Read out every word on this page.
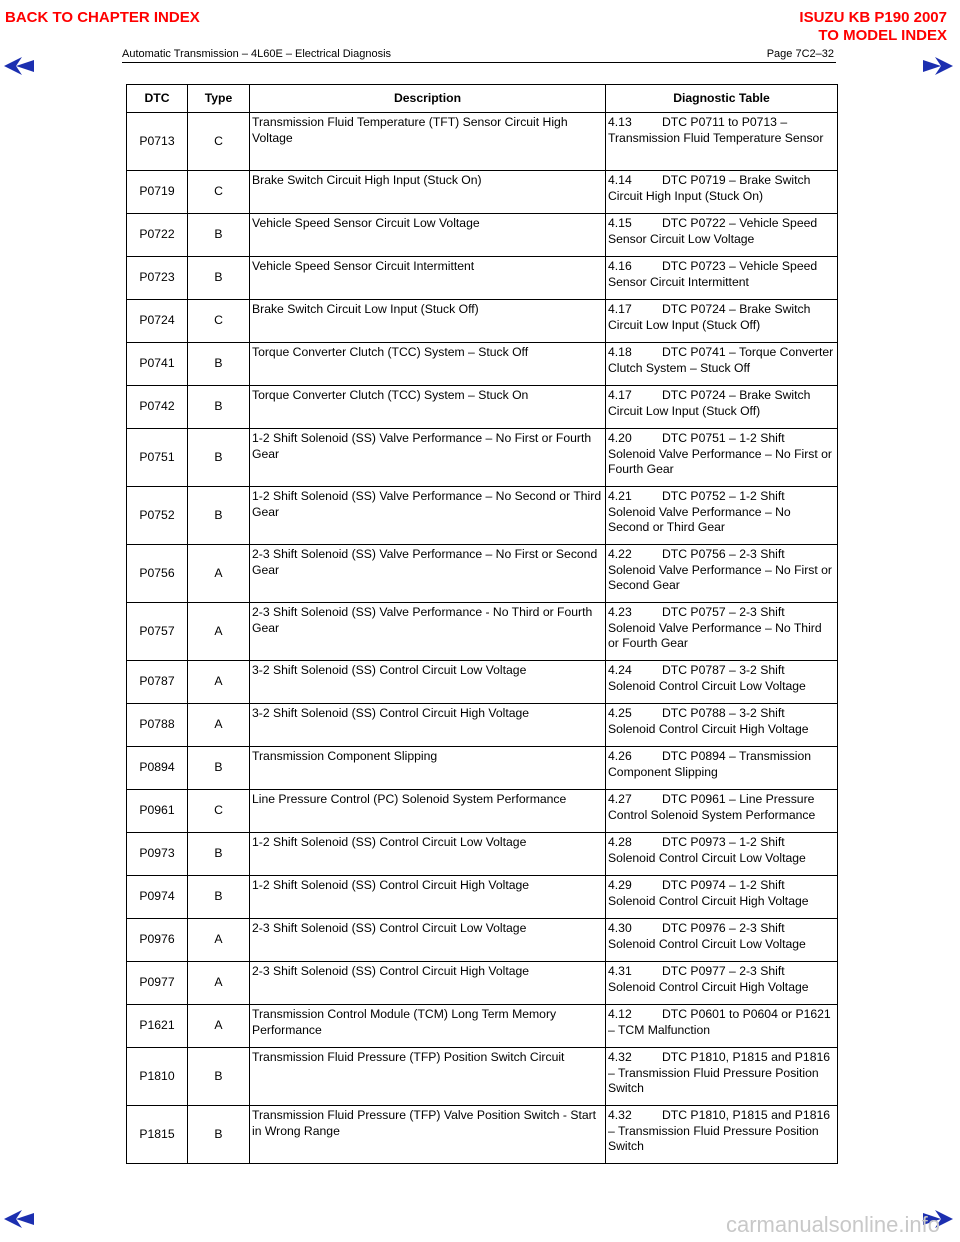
BACK TO CHAPTER INDEX	ISUZU KB P190 2007
TO MODEL INDEX
Automatic Transmission – 4L60E – Electrical Diagnosis	Page 7C2–32
DTC	Type	Description	Diagnostic Table
P0713	C	Transmission Fluid Temperature (TFT) Sensor Circuit High Voltage	4.13 DTC P0711 to P0713 – Transmission Fluid Temperature Sensor
P0719	C	Brake Switch Circuit High Input (Stuck On)	4.14 DTC P0719 – Brake Switch Circuit High Input (Stuck On)
P0722	B	Vehicle Speed Sensor Circuit Low Voltage	4.15 DTC P0722 – Vehicle Speed Sensor Circuit Low Voltage
P0723	B	Vehicle Speed Sensor Circuit Intermittent	4.16 DTC P0723 – Vehicle Speed Sensor Circuit Intermittent
P0724	C	Brake Switch Circuit Low Input (Stuck Off)	4.17 DTC P0724 – Brake Switch Circuit Low Input (Stuck Off)
P0741	B	Torque Converter Clutch (TCC) System – Stuck Off	4.18 DTC P0741 – Torque Converter Clutch System – Stuck Off
P0742	B	Torque Converter Clutch (TCC) System – Stuck On	4.17 DTC P0724 – Brake Switch Circuit Low Input (Stuck Off)
P0751	B	1-2 Shift Solenoid (SS) Valve Performance – No First or Fourth Gear	4.20 DTC P0751 – 1-2 Shift Solenoid Valve Performance – No First or Fourth Gear
P0752	B	1-2 Shift Solenoid (SS) Valve Performance – No Second or Third Gear	4.21 DTC P0752 – 1-2 Shift Solenoid Valve Performance – No Second or Third Gear
P0756	A	2-3 Shift Solenoid (SS) Valve Performance – No First or Second Gear	4.22 DTC P0756 – 2-3 Shift Solenoid Valve Performance – No First or Second Gear
P0757	A	2-3 Shift Solenoid (SS) Valve Performance - No Third or Fourth Gear	4.23 DTC P0757 – 2-3 Shift Solenoid Valve Performance – No Third or Fourth Gear
P0787	A	3-2 Shift Solenoid (SS) Control Circuit Low Voltage	4.24 DTC P0787 – 3-2 Shift Solenoid Control Circuit Low Voltage
P0788	A	3-2 Shift Solenoid (SS) Control Circuit High Voltage	4.25 DTC P0788 – 3-2 Shift Solenoid Control Circuit High Voltage
P0894	B	Transmission Component Slipping	4.26 DTC P0894 – Transmission Component Slipping
P0961	C	Line Pressure Control (PC) Solenoid System Performance	4.27 DTC P0961 – Line Pressure Control Solenoid System Performance
P0973	B	1-2 Shift Solenoid (SS) Control Circuit Low Voltage	4.28 DTC P0973 – 1-2 Shift Solenoid Control Circuit Low Voltage
P0974	B	1-2 Shift Solenoid (SS) Control Circuit High Voltage	4.29 DTC P0974 – 1-2 Shift Solenoid Control Circuit High Voltage
P0976	A	2-3 Shift Solenoid (SS) Control Circuit Low Voltage	4.30 DTC P0976 – 2-3 Shift Solenoid Control Circuit Low Voltage
P0977	A	2-3 Shift Solenoid (SS) Control Circuit High Voltage	4.31 DTC P0977 – 2-3 Shift Solenoid Control Circuit High Voltage
P1621	A	Transmission Control Module (TCM) Long Term Memory Performance	4.12 DTC P0601 to P0604 or P1621 – TCM Malfunction
P1810	B	Transmission Fluid Pressure (TFP) Position Switch Circuit	4.32 DTC P1810, P1815 and P1816 – Transmission Fluid Pressure Position Switch
P1815	B	Transmission Fluid Pressure (TFP) Valve Position Switch - Start in Wrong Range	4.32 DTC P1810, P1815 and P1816 – Transmission Fluid Pressure Position Switch
carmanualsonline.info
